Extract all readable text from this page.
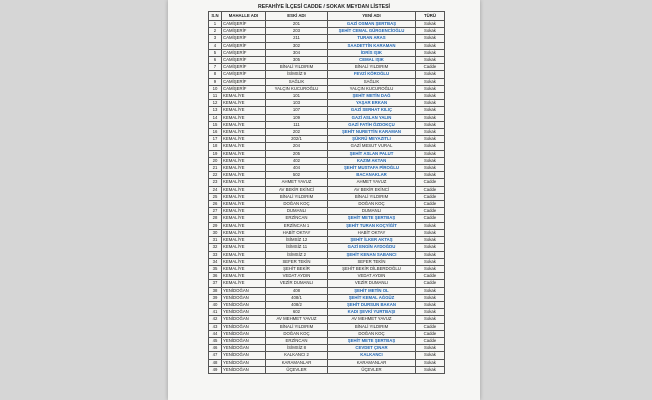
REFAHİYE İLÇESİ CADDE / SOKAK MEYDAN LİSTESİ
S.N	MAHALLE ADI	ESKİ ADI	YENİ ADI	TÜRÜ
1	CAMİŞERİF	201	GAZİ OSMAN ŞERTBAŞ	Sokak
2	CAMİŞERİF	203	ŞEHİT CEMAL GÜRGENCİOĞLU	Sokak
3	CAMİŞERİF	211	TURAN ARAS	Sokak
4	CAMİŞERİF	302	SAADETTİN KARAMAN	Sokak
5	CAMİŞERİF	304	İDRİS IŞIK	Sokak
6	CAMİŞERİF	305	CEMAL IŞIK	Sokak
7	CAMİŞERİF	BİNALİ YILDIRIM	BİNALİ YILDIRIM	Cadde
8	CAMİŞERİF	İSİMSİZ 9	FEVZİ KÖROĞLU	Sokak
9	CAMİŞERİF	SAĞLIK	SAĞLIK	Sokak
10	CAMİŞERİF	YALÇIN KUCUROĞLU	YALÇIN KUCUROĞLU	Sokak
11	KEMALİYE	101	ŞEHİT METİN DAĞ	Sokak
12	KEMALİYE	103	YAŞAR ERKAN	Sokak
13	KEMALİYE	107	GAZİ SERHAT KILIÇ	Sokak
14	KEMALİYE	109	GAZİ ASLAN YALIN	Sokak
15	KEMALİYE	111	GAZİ FATİH ÖZDOKÇU	Sokak
16	KEMALİYE	202	ŞEHİT NURETTİN KARAMAN	Sokak
17	KEMALİYE	202/1	ŞÜKRÜ MEYAZITLI	Sokak
18	KEMALİYE	204	GAZİ MESUT VURAL	Sokak
19	KEMALİYE	205	ŞEHİT ASLAN PALUT	Sokak
20	KEMALİYE	402	KAZIM AKTAN	Sokak
21	KEMALİYE	404	ŞEHİT MUSTAFA PİROĞLU	Sokak
22	KEMALİYE	502	BACANAKLAR	Sokak
23	KEMALİYE	AHMET YAVUZ	AHMET YAVUZ	Cadde
24	KEMALİYE	AV BEKİR EKİNCİ	AV BEKİR EKİNCİ	Cadde
25	KEMALİYE	BİNALİ YILDIRIM	BİNALİ YILDIRIM	Cadde
26	KEMALİYE	DOĞAN KOÇ	DOĞAN KOÇ	Cadde
27	KEMALİYE	DUMANLI	DUMANLI	Cadde
28	KEMALİYE	ERZİNCAN	ŞEHİT METE ŞERTBAŞ	Cadde
29	KEMALİYE	ERZİNCAN 1	ŞEHİT TURAN KOÇYİĞİT	Sokak
30	KEMALİYE	HABİT OKTAY	HABİT OKTAY	Sokak
31	KEMALİYE	İSİMSİZ 12	ŞEHİT İLKER AKTAŞ	Sokak
32	KEMALİYE	İSİMSİZ 11	GAZİ ENGİN AYDOĞDU	Sokak
33	KEMALİYE	İSİMSİZ 2	ŞEHİT KENAN SABANCI	Sokak
34	KEMALİYE	SEFER TEKİN	SEFER TEKİN	Sokak
35	KEMALİYE	ŞEHİT BEKİR	ŞEHİT BEKİR DİLBERDOĞLU	Sokak
36	KEMALİYE	VEDAT AYDIN	VEDAT AYDIN	Cadde
37	KEMALİYE	VEZİR DUMANLI	VEZİR DUMANLI	Cadde
38	YENİDOĞAN	408	ŞEHİT METİN OL	Sokak
39	YENİDOĞAN	408/1	ŞEHİT KEMAL AĞGÜZ	Sokak
40	YENİDOĞAN	408/2	ŞEHİT DURSUN BAKAN	Sokak
41	YENİDOĞAN	602	KADI ŞEVKİ YURTBAŞI	Sokak
42	YENİDOĞAN	AV MEHMET YAVUZ	AV MEHMET YAVUZ	Sokak
43	YENİDOĞAN	BİNALİ YILDIRIM	BİNALİ YILDIRIM	Cadde
44	YENİDOĞAN	DOĞAN KOÇ	DOĞAN KOÇ	Cadde
45	YENİDOĞAN	ERZİNCAN	ŞEHİT METE ŞERTBAŞ	Cadde
46	YENİDOĞAN	İSİMSİZ 8	CEVDET ÇINAR	Sokak
47	YENİDOĞAN	KALKANCI 2	KALKANCI	Sokak
48	YENİDOĞAN	KARAMANLAR	KARAMANLAR	Sokak
49	YENİDOĞAN	ÜÇEVLER	ÜÇEVLER	Sokak
